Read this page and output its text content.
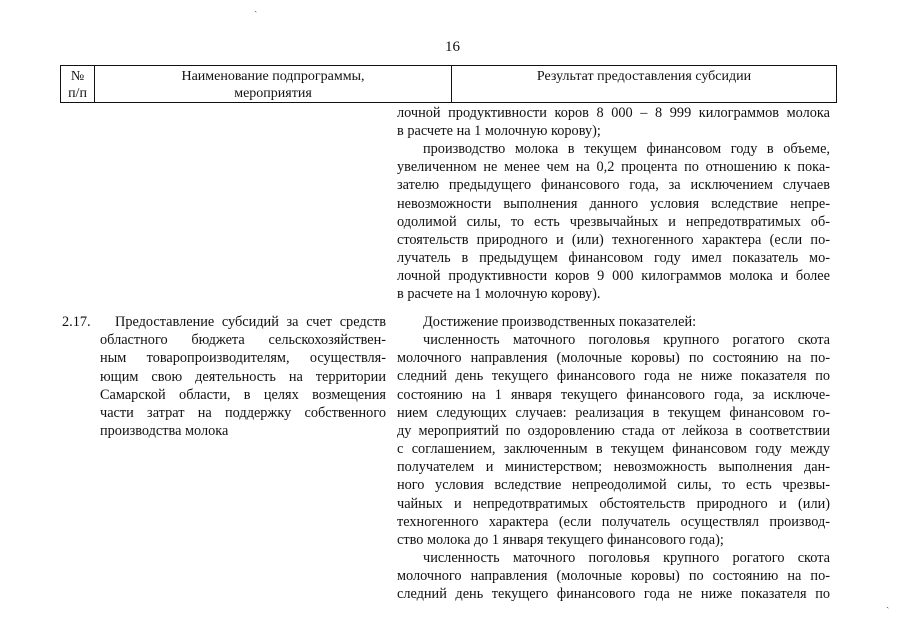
16
№
п/п
Наименование подпрограммы,
мероприятия
Результат предоставления субсидии
лочной продуктивности коров 8 000 – 8 999 килограммов молока
в расчете на 1 молочную корову);
производство молока в текущем финансовом году в объеме,
увеличенном не менее чем на 0,2 процента по отношению к пока-
зателю предыдущего финансового года, за исключением случаев
невозможности выполнения данного условия вследствие непре-
одолимой силы, то есть чрезвычайных и непредотвратимых об-
стоятельств природного и (или) техногенного характера (если по-
лучатель в предыдущем финансовом году имел показатель мо-
лочной продуктивности коров 9 000 килограммов молока и более
в расчете на 1 молочную корову).
2.17. Предоставление субсидий за счет средств
областного бюджета сельскохозяйствен-
ным товаропроизводителям, осуществля-
ющим свою деятельность на территории
Самарской области, в целях возмещения
части затрат на поддержку собственного
производства молока
Достижение производственных показателей:
численность маточного поголовья крупного рогатого скота
молочного направления (молочные коровы) по состоянию на по-
следний день текущего финансового года не ниже показателя по
состоянию на 1 января текущего финансового года, за исключе-
нием следующих случаев: реализация в текущем финансовом го-
ду мероприятий по оздоровлению стада от лейкоза в соответствии
с соглашением, заключенным в текущем финансовом году между
получателем и министерством; невозможность выполнения дан-
ного условия вследствие непреодолимой силы, то есть чрезвы-
чайных и непредотвратимых обстоятельств природного и (или)
техногенного характера (если получатель осуществлял производ-
ство молока до 1 января текущего финансового года);
численность маточного поголовья крупного рогатого скота
молочного направления (молочные коровы) по состоянию на по-
следний день текущего финансового года не ниже показателя по
ˏ
ˏ
